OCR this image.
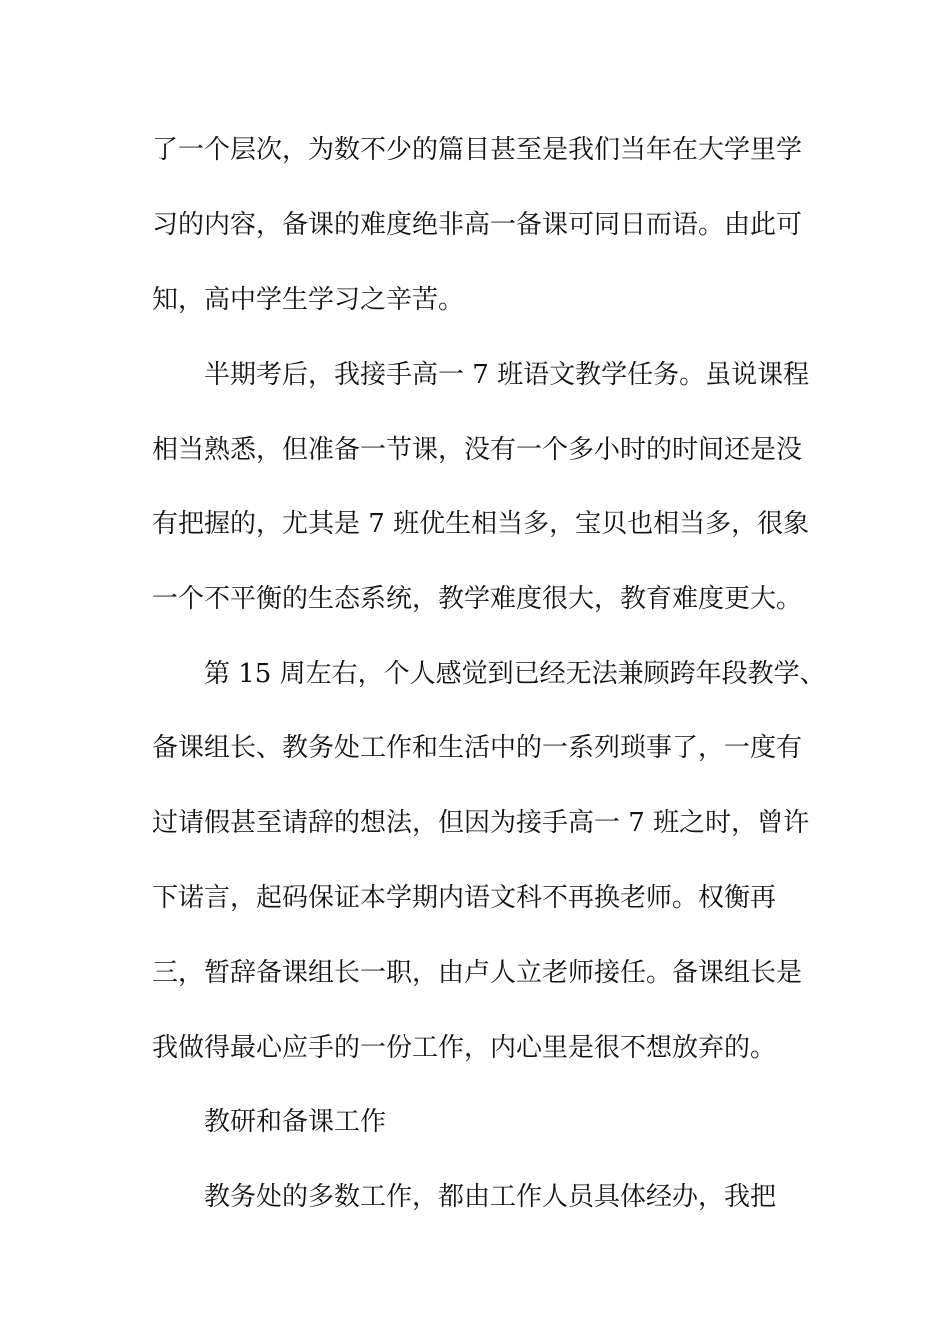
了一个层次，为数不少的篇目甚至是我们当年在大学里学

习的内容，备课的难度绝非高一备课可同日而语。由此可

知，高中学生学习之辛苦。

半期考后，我接手高一 7 班语文教学任务。虽说课程

相当熟悉，但准备一节课，没有一个多小时的时间还是没

有把握的，尤其是 7 班优生相当多，宝贝也相当多，很象

一个不平衡的生态系统，教学难度很大，教育难度更大。

第 15 周左右，个人感觉到已经无法兼顾跨年段教学、

备课组长、教务处工作和生活中的一系列琐事了，一度有

过请假甚至请辞的想法，但因为接手高一 7 班之时，曾许

下诺言，起码保证本学期内语文科不再换老师。权衡再

三，暂辞备课组长一职，由卢人立老师接任。备课组长是

我做得最心应手的一份工作，内心里是很不想放弃的。

教研和备课工作

教务处的多数工作，都由工作人员具体经办，我把
